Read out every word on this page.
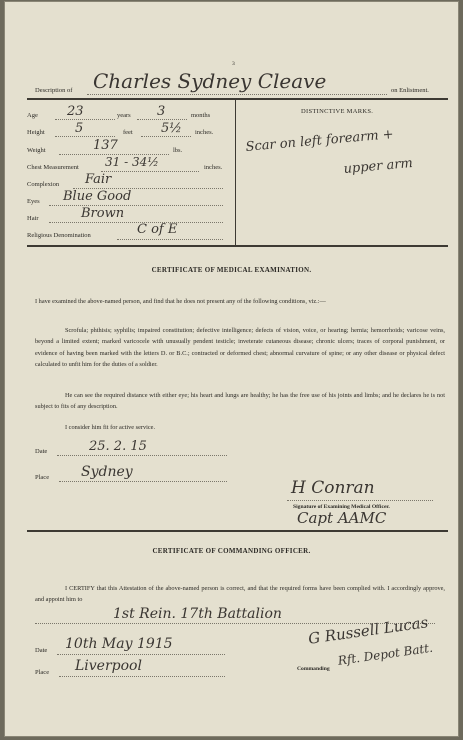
3
Description of Charles Sydney Cleave	on Enlistment.
Age 23	years 3	months
Height 5	feet 5½ inches.
Weight	137	lbs.
Chest Measurement 31 - 34½	inches.
Complexion Fair
Eyes Blue Good
Hair	Brown
Religious Denomination	C of E
DISTINCTIVE MARKS.
Scar on left forearm +
upper arm
CERTIFICATE OF MEDICAL EXAMINATION.
I have examined the above-named person, and find that he does not present any of the following conditions, viz.:—
Scrofula; phthisis; syphilis; impaired constitution; defective intelligence; defects of vision, voice, or hearing; hernia; hemorrhoids; varicose veins, beyond a limited extent; marked varicocele with unusually pendent testicle; inveterate cutaneous disease; chronic ulcers; traces of corporal punishment, or evidence of having been marked with the letters D. or B.C.; contracted or deformed chest; abnormal curvature of spine; or any other disease or physical defect calculated to unfit him for the duties of a soldier.
He can see the required distance with either eye; his heart and lungs are healthy; he has the free use of his joints and limbs; and he declares he is not subject to fits of any description.
I consider him fit for active service.
Date	25. 2. 15
Place Sydney
H Conran
Signature of Examining Medical Officer.
Capt AAMC
CERTIFICATE OF COMMANDING OFFICER.
I CERTIFY that this Attestation of the above-named person is correct, and that the required forms have been complied with. I accordingly approve, and appoint him to
1st Rein. 17th Battalion
Date 10th May 1915
Place Liverpool
G Russell Lucas
Commanding
Rft. Depot Batt.
